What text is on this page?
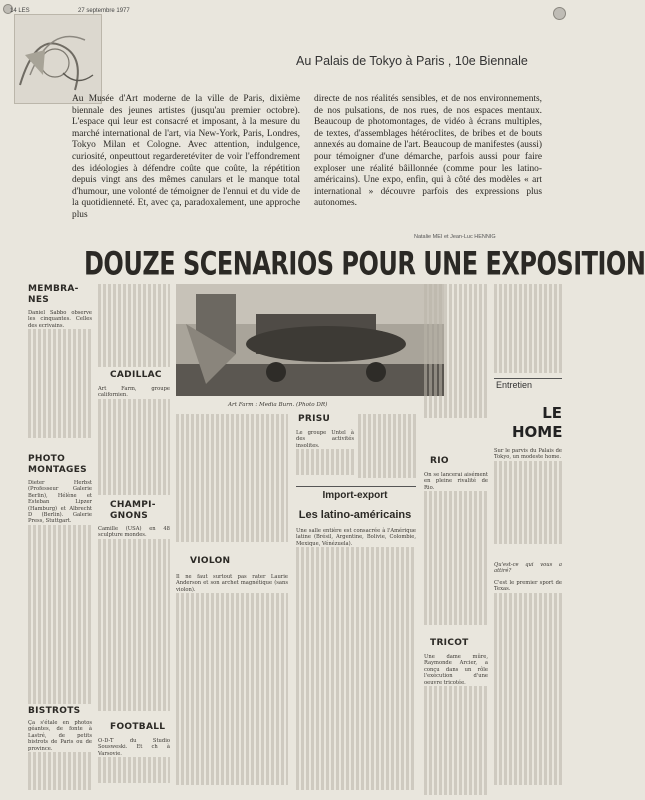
14 LES	27 septembre 1977
Au Palais de Tokyo à Paris , 10e Biennale
Au Musée d'Art moderne de la ville de Paris, dixième biennale des jeunes artistes (jusqu'au premier octobre). L'espace qui leur est consacré et imposant, à la mesure du marché international de l'art, via New-York, Paris, Londres, Tokyo Milan et Cologne. Avec attention, indulgence, curiosité, onpeuttout regarderetéviter de voir l'effondrement des idéologies à défendre coûte que coûte, la répétition depuis vingt ans des mêmes canulars et le manque total d'humour, une volonté de témoigner de l'ennui et du vide de la quotidienneté. Et, avec ça, paradoxalement, une approche plus
directe de nos réalités sensibles, et de nos environnements, de nos pulsations, de nos rues, de nos espaces mentaux. Beaucoup de photomontages, de vidéo à écrans multiples, de textes, d'assemblages hétéroclites, de bribes et de bouts annexés au domaine de l'art. Beaucoup de manifestes (aussi) pour témoigner d'une démarche, parfois aussi pour faire exploser une réalité bâillonnée (comme pour les latino-américains). Une expo, enfin, qui à côté des modèles « art international » découvre parfois des expressions plus autonomes.
Natalie MEI et Jean-Luc HENNIG
DOUZE SCENARIOS POUR UNE EXPOSITION
MEMBRA-NES
Daniel Sabbo observe les cinquantes. Celles des ecrivains.
PHOTO MONTAGES
Dieter Herbst (Professeur Galerie Berlin), Hélène et Esteban Lipzer (Hamburg) et Albrecht D (Berlin). Galerie Press, Stuttgart.
BISTROTS
Ça s'étale en photos géantes, de fonte à Lastré, de petits bistrots de Paris ou de province.
CADILLAC
Art Farm, groupe californien.
CHAMPI-GNONS
Camille (USA) en 48 sculpture mondes.
FOOTBALL
O-D-T du Studio Sousweski. Et ch à Varsovie.
Art Farm : Media Burn. (Photo DR)
VIOLON
Il ne faut surtout pas rater Laurie Anderson et son archet magnétique (sans violon).
PRISU
Le groupe Untel à des activités insolites.
Import-export
Les latino-américains
Une salle entière est consacrée à l'Amérique latine (Brésil, Argentine, Bolivie, Colombie, Mexique, Vénézuela).
RIO
On se lancerai aisément en pleine rivalité de Rio.
TRICOT
Une dame mûre, Raymonde Arcier, a conçu dans un rôle l'exécution d'une oeuvre tricotée.
Entretien
LE HOME
Sur le parvis du Palais de Tokyo, un modeste home.
Qu'est-ce qui vous a attiré?
C'est le premier sport de Texas.
